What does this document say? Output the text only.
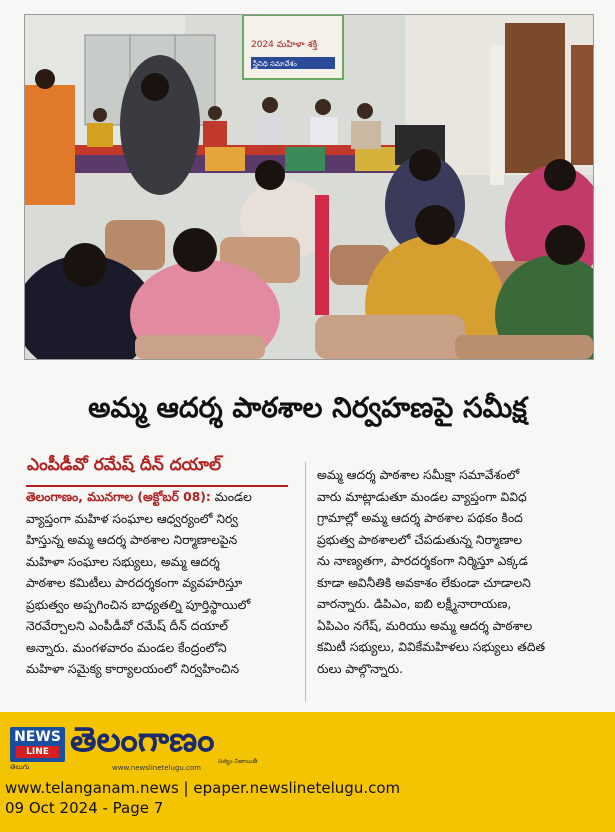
2024 మహిళా శక్తి
స్త్రీనిధి సమావేశం
అమ్మ ఆదర్శ పాఠశాల నిర్వహణపై సమీక్ష
ఎంపీడీవో రమేష్ దీన్ దయాల్
తెలంగాణం, మునగాల (అక్టోబర్ 08): మండల
వ్యాప్తంగా మహిళ సంఘాల ఆధ్వర్యంలో నిర్వ
హిస్తున్న అమ్మ ఆదర్శ పాఠశాల నిర్మాణాలపైన
మహిళా సంఘాల సభ్యులు, అమ్మ ఆదర్శ
పాఠశాల కమిటీలు పారదర్శకంగా వ్యవహరిస్తూ
ప్రభుత్వం అప్పగించిన బాధ్యతల్ని పూర్తిస్థాయిలో
నెరవేర్చాలని ఎంపీడీవో రమేష్ దీన్ దయాల్
అన్నారు. మంగళవారం మండల కేంద్రంలోని
మహిళా సమైక్య కార్యాలయంలో నిర్వహించిన
అమ్మ ఆదర్శ పాఠశాల సమీక్షా సమావేశంలో
వారు మాట్లాడుతూ మండల వ్యాప్తంగా వివిధ
గ్రామాల్లో అమ్మ ఆదర్శ పాఠశాల పథకం కింద
ప్రభుత్వ పాఠశాలలో చేపడుతున్న నిర్మాణాల
ను నాణ్యతగా, పారదర్శకంగా నిర్మిస్తూ ఎక్కడ
కూడా అవినీతికి అవకాశం లేకుండా చూడాలని
వారన్నారు. డిపిఎం, ఐబి లక్ష్మీనారాయణ,
ఏపిఎం నగేష్, మరియు అమ్మ ఆదర్శ పాఠశాల
కమిటీ సభ్యులు, వివికేమహిళలు సభ్యులు తదిత
రులు పాల్గొన్నారు.
NEWS
LINE తెలంగాణం
తెలుగు	www.newslinetelugu.com
సత్యం నిజాయితీ
www.telanganam.news | epaper.newslinetelugu.com
09 Oct 2024 - Page 7
